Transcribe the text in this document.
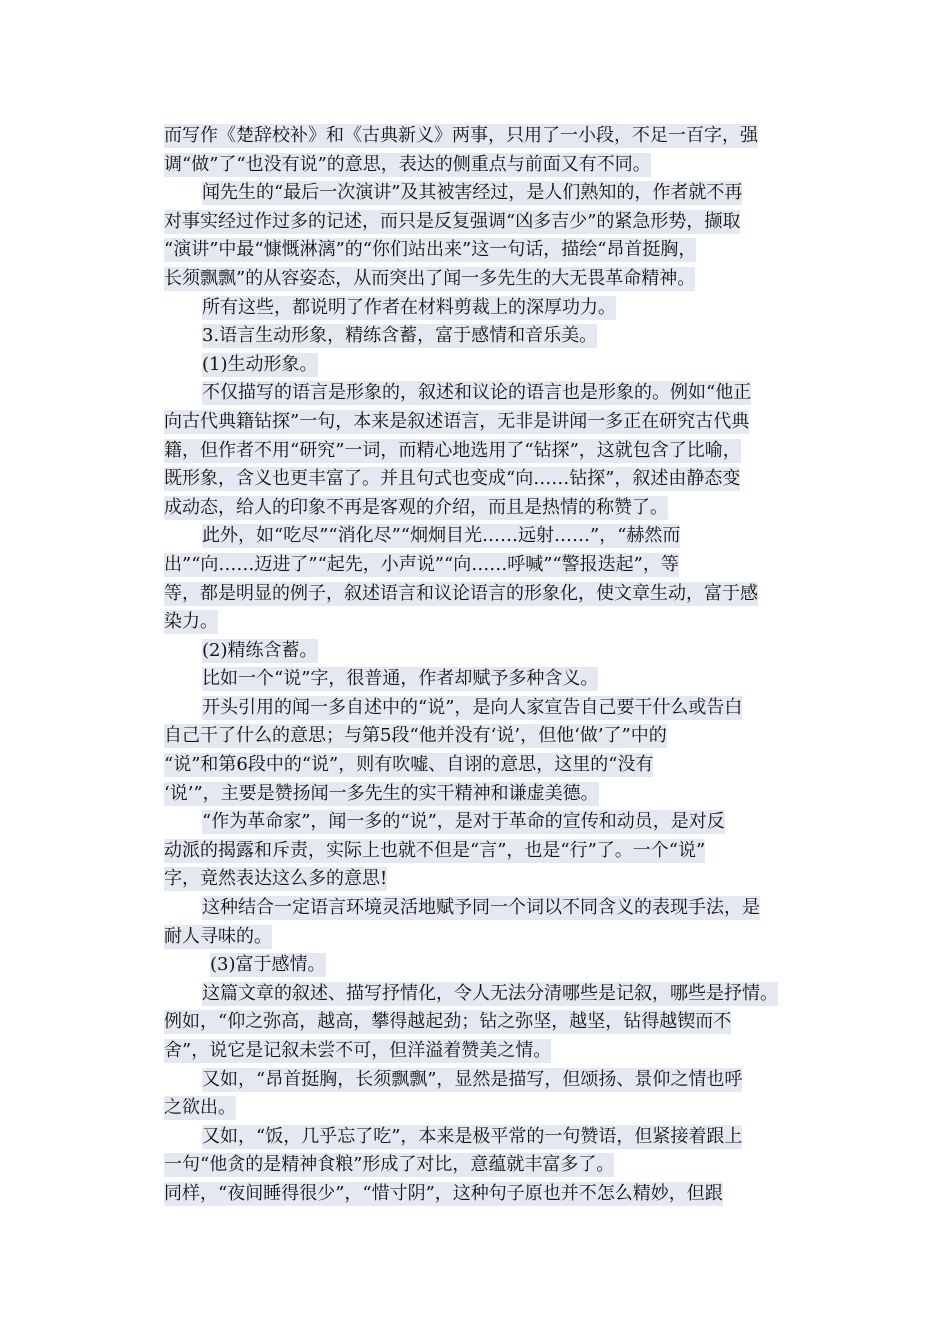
而写作《楚辞校补》和《古典新义》两事，只用了一小段，不足一百字，强
调“做”了“也没有说”的意思，表达的侧重点与前面又有不同。
闻先生的“最后一次演讲”及其被害经过，是人们熟知的，作者就不再
对事实经过作过多的记述，而只是反复强调“凶多吉少”的紧急形势，撷取
“演讲”中最“慷慨淋漓”的“你们站出来”这一句话，描绘“昂首挺胸，
长须飘飘”的从容姿态，从而突出了闻一多先生的大无畏革命精神。
所有这些，都说明了作者在材料剪裁上的深厚功力。
3.语言生动形象，精练含蓄，富于感情和音乐美。
(1)生动形象。
不仅描写的语言是形象的，叙述和议论的语言也是形象的。例如“他正
向古代典籍钻探”一句，本来是叙述语言，无非是讲闻一多正在研究古代典
籍，但作者不用“研究”一词，而精心地选用了“钻探”，这就包含了比喻，
既形象，含义也更丰富了。并且句式也变成“向……钻探”，叙述由静态变
成动态，给人的印象不再是客观的介绍，而且是热情的称赞了。
此外，如“吃尽”“消化尽”“炯炯目光……远射……”，“赫然而
出”“向……迈进了”“起先，小声说”“向……呼喊”“警报迭起”，等
等，都是明显的例子，叙述语言和议论语言的形象化，使文章生动，富于感
染力。
(2)精练含蓄。
比如一个“说”字，很普通，作者却赋予多种含义。
开头引用的闻一多自述中的“说”，是向人家宣告自己要干什么或告白
自己干了什么的意思；与第5段“他并没有‘说’，但他‘做’了”中的
“说”和第6段中的“说”，则有吹嘘、自诩的意思，这里的“没有
‘说’”，主要是赞扬闻一多先生的实干精神和谦虚美德。
“作为革命家”，闻一多的“说”，是对于革命的宣传和动员，是对反
动派的揭露和斥责，实际上也就不但是“言”，也是“行”了。一个“说”
字，竟然表达这么多的意思!
这种结合一定语言环境灵活地赋予同一个词以不同含义的表现手法，是
耐人寻味的。
(3)富于感情。
这篇文章的叙述、描写抒情化，令人无法分清哪些是记叙，哪些是抒情。
例如，“仰之弥高，越高，攀得越起劲；钻之弥坚，越坚，钻得越锲而不
舍”，说它是记叙未尝不可，但洋溢着赞美之情。
又如，“昂首挺胸，长须飘飘”，显然是描写，但颂扬、景仰之情也呼
之欲出。
又如，“饭，几乎忘了吃”，本来是极平常的一句赞语，但紧接着跟上
一句“他贪的是精神食粮”形成了对比，意蕴就丰富多了。
同样，“夜间睡得很少”，“惜寸阴”，这种句子原也并不怎么精妙，但跟
